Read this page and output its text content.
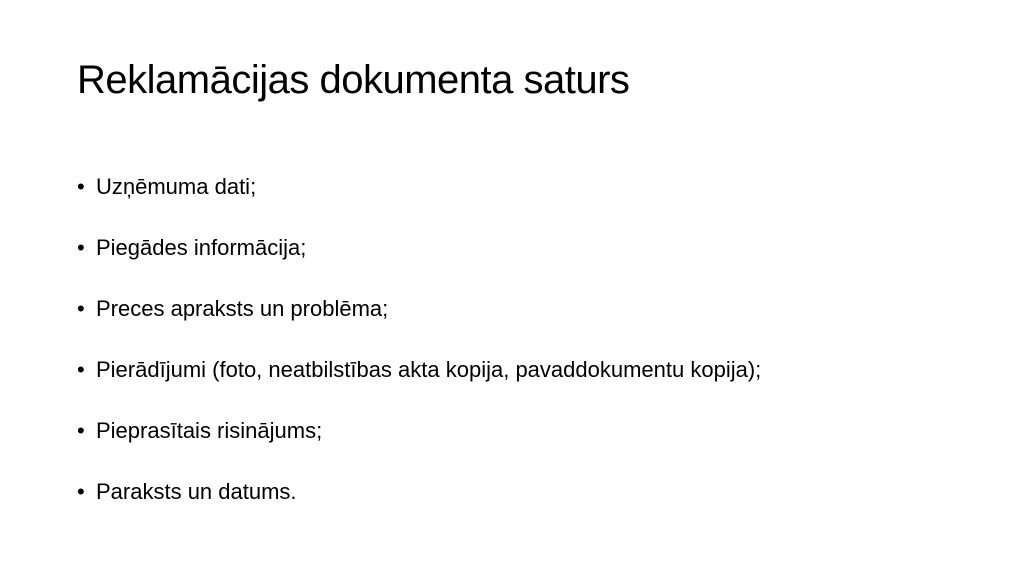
Reklamācijas dokumenta saturs
• Uzņēmuma dati;
• Piegādes informācija;
• Preces apraksts un problēma;
• Pierādījumi (foto, neatbilstības akta kopija, pavaddokumentu kopija);
• Pieprasītais risinājums;
• Paraksts un datums.
